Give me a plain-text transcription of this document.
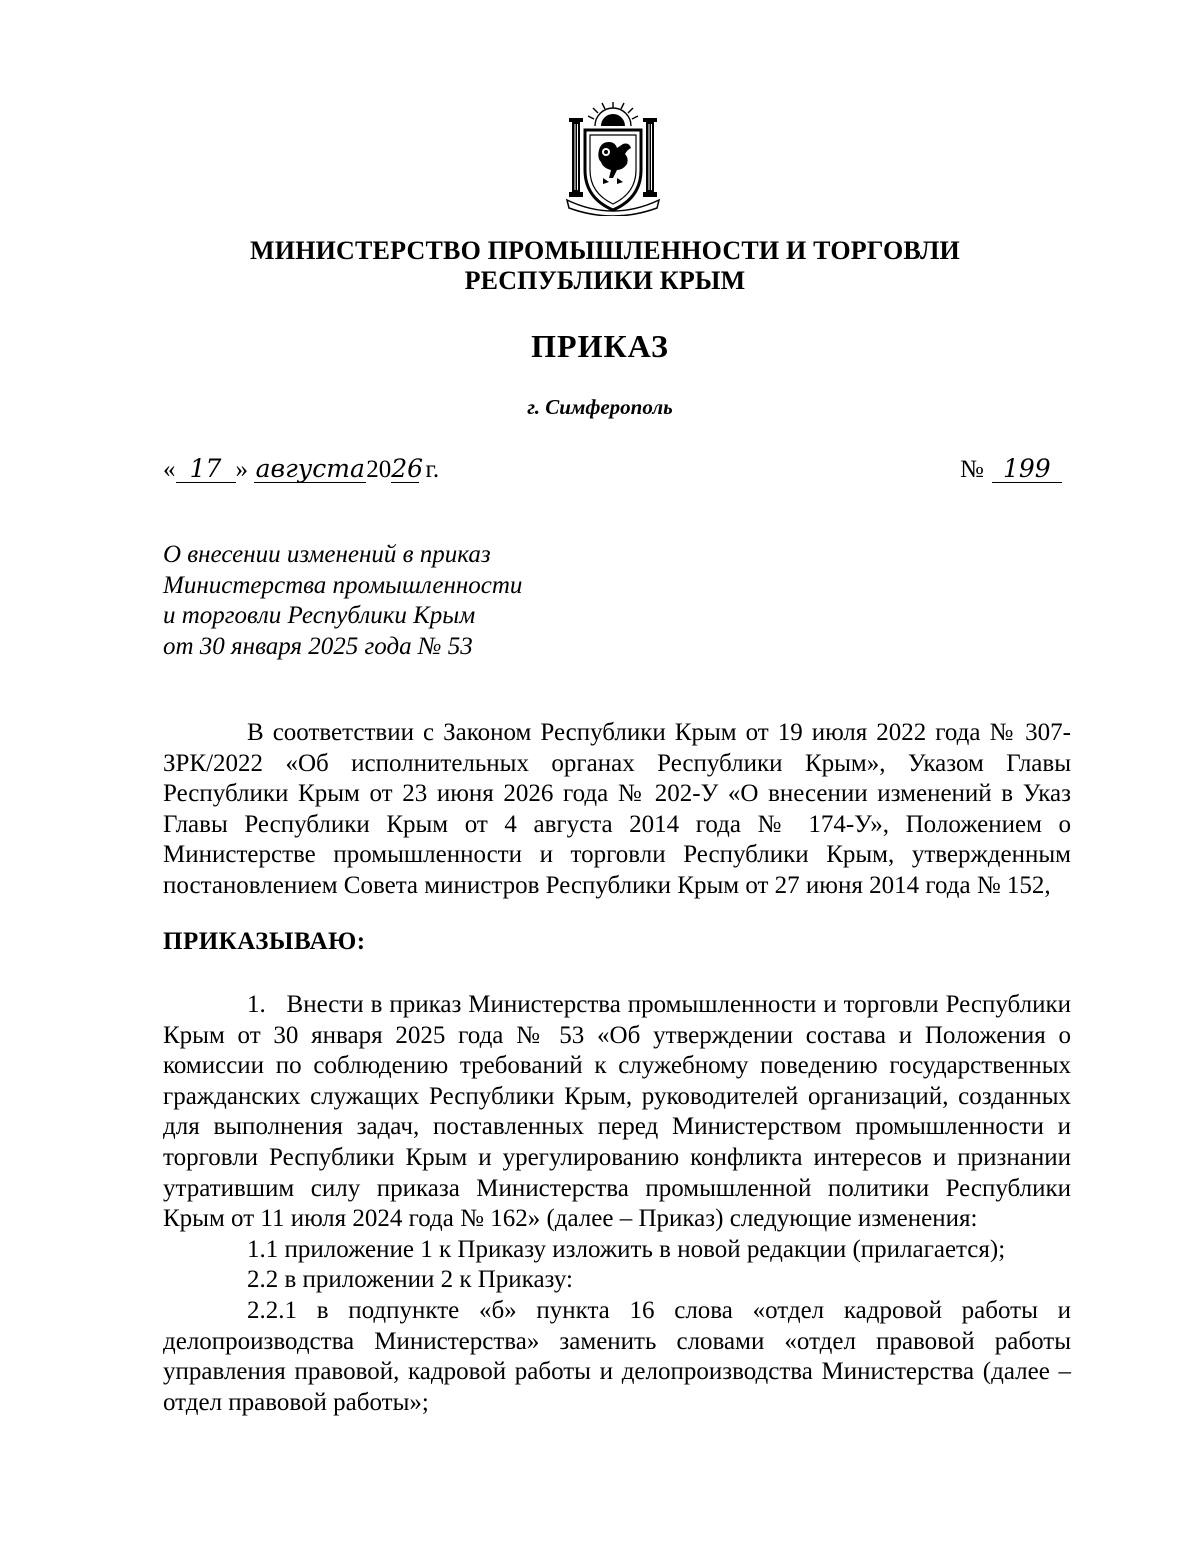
МИНИСТЕРСТВО ПРОМЫШЛЕННОСТИ И ТОРГОВЛИ
РЕСПУБЛИКИ КРЫМ
ПРИКАЗ
г. Симферополь
« 17 » августа2026 г.	№ 199
О внесении изменений в приказ
Министерства промышленности
и торговли Республики Крым
от 30 января 2025 года № 53

В соответствии с Законом Республики Крым от 19 июля 2022 года № 307-ЗРК/2022 «Об исполнительных органах Республики Крым», Указом Главы Республики Крым от 23 июня 2026 года № 202-У «О внесении изменений в Указ Главы Республики Крым от 4 августа 2014 года № 174-У», Положением о Министерстве промышленности и торговли Республики Крым, утвержденным постановлением Совета министров Республики Крым от 27 июня 2014 года № 152,

ПРИКАЗЫВАЮ:

1.   Внести в приказ Министерства промышленности и торговли Республики Крым от 30 января 2025 года № 53 «Об утверждении состава и Положения о комиссии по соблюдению требований к служебному поведению государственных гражданских служащих Республики Крым, руководителей организаций, созданных для выполнения задач, поставленных перед Министерством промышленности и торговли Республики Крым и урегулированию конфликта интересов и признании утратившим силу приказа Министерства промышленной политики Республики Крым от 11 июля 2024 года № 162» (далее – Приказ) следующие изменения:

1.1 приложение 1 к Приказу изложить в новой редакции (прилагается);

2.2 в приложении 2 к Приказу:

2.2.1 в подпункте «б» пункта 16 слова «отдел кадровой работы и делопроизводства Министерства» заменить словами «отдел правовой работы управления правовой, кадровой работы и делопроизводства Министерства (далее – отдел правовой работы»;
